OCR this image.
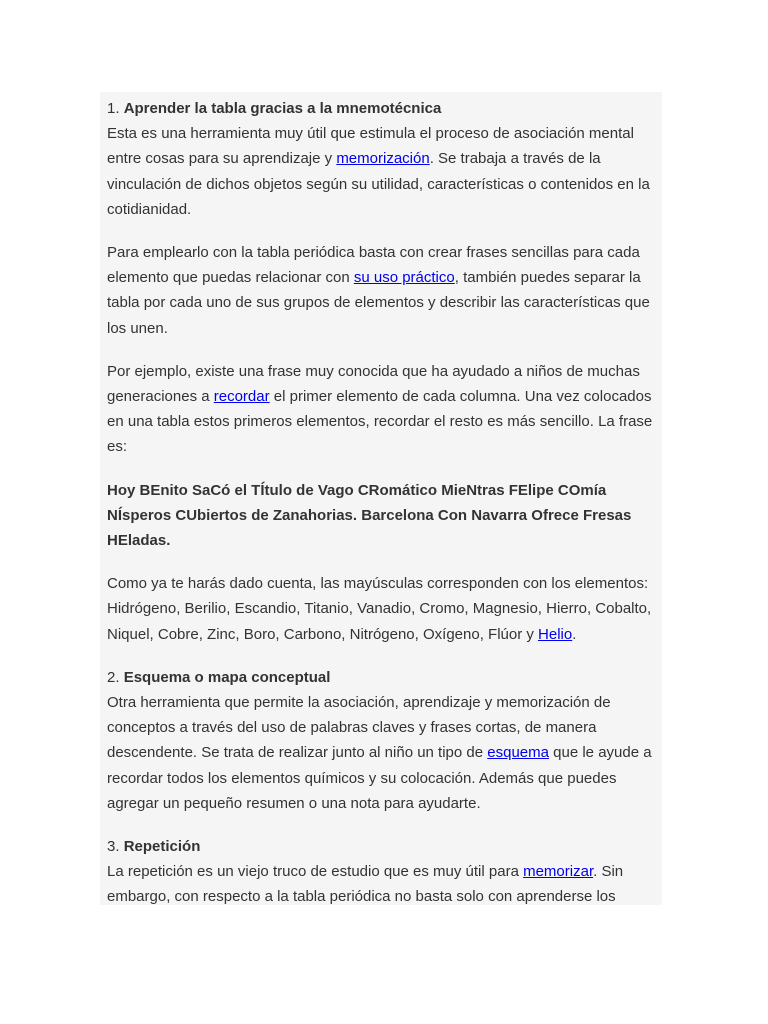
1. Aprender la tabla gracias a la mnemotécnica
Esta es una herramienta muy útil que estimula el proceso de asociación mental entre cosas para su aprendizaje y memorización. Se trabaja a través de la vinculación de dichos objetos según su utilidad, características o contenidos en la cotidianidad.

Para emplearlo con la tabla periódica basta con crear frases sencillas para cada elemento que puedas relacionar con su uso práctico, también puedes separar la tabla por cada uno de sus grupos de elementos y describir las características que los unen.

Por ejemplo, existe una frase muy conocida que ha ayudado a niños de muchas generaciones a recordar el primer elemento de cada columna. Una vez colocados en una tabla estos primeros elementos, recordar el resto es más sencillo. La frase es:

Hoy BEnito SaCó el TÍtulo de Vago CRomático MieNtras FElipe COmía NÍsperos CUbiertos de Zanahorias. Barcelona Con Navarra Ofrece Fresas HEladas.

Como ya te harás dado cuenta, las mayúsculas corresponden con los elementos: Hidrógeno, Berilio, Escandio, Titanio, Vanadio, Cromo, Magnesio, Hierro, Cobalto, Niquel, Cobre, Zinc, Boro, Carbono, Nitrógeno, Oxígeno, Flúor y Helio.

2. Esquema o mapa conceptual
Otra herramienta que permite la asociación, aprendizaje y memorización de conceptos a través del uso de palabras claves y frases cortas, de manera descendente. Se trata de realizar junto al niño un tipo de esquema que le ayude a recordar todos los elementos químicos y su colocación. Además que puedes agregar un pequeño resumen o una nota para ayudarte.

3. Repetición
La repetición es un viejo truco de estudio que es muy útil para memorizar. Sin embargo, con respecto a la tabla periódica no basta solo con aprenderse los
